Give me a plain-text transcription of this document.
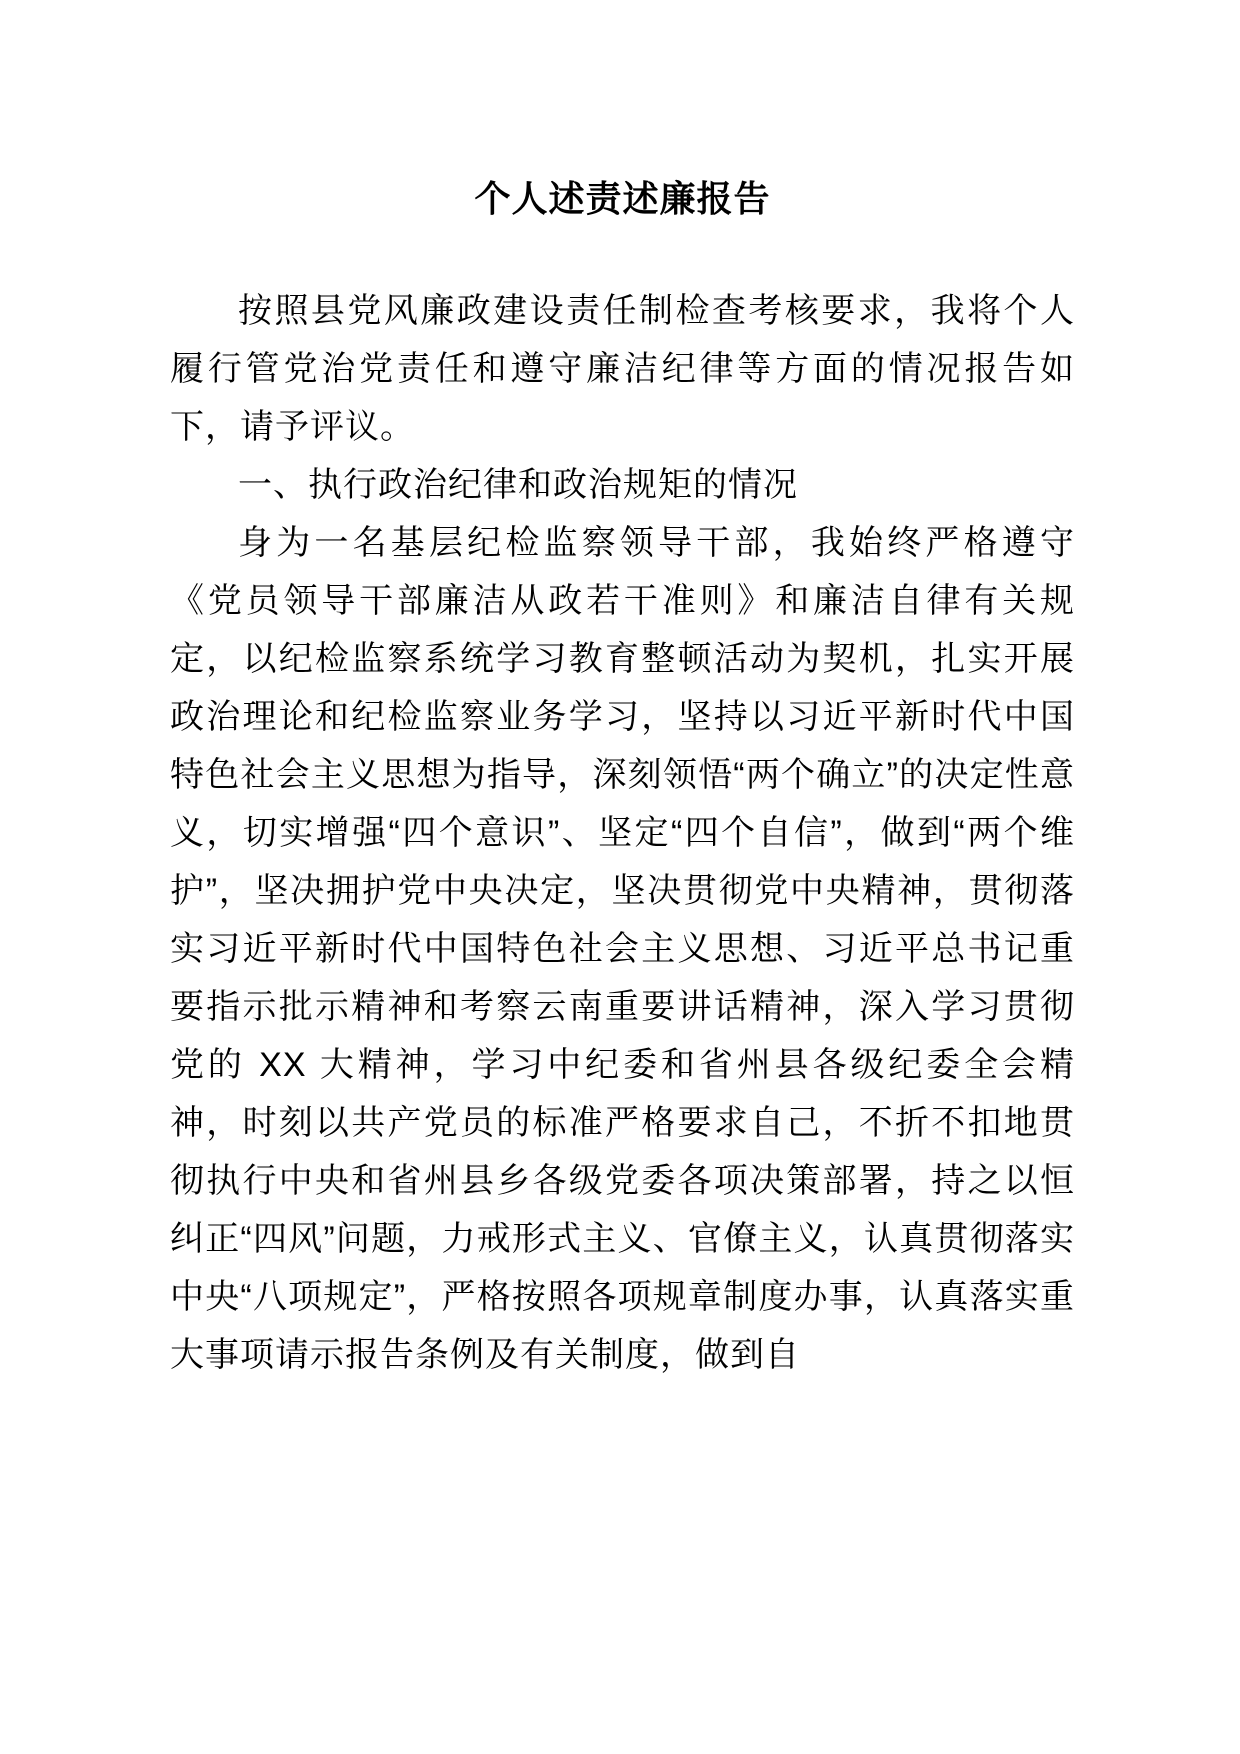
个人述责述廉报告

按照县党风廉政建设责任制检查考核要求，我将个人履行管党治党责任和遵守廉洁纪律等方面的情况报告如下，请予评议。

一、执行政治纪律和政治规矩的情况

身为一名基层纪检监察领导干部，我始终严格遵守《党员领导干部廉洁从政若干准则》和廉洁自律有关规定，以纪检监察系统学习教育整顿活动为契机，扎实开展政治理论和纪检监察业务学习，坚持以习近平新时代中国特色社会主义思想为指导，深刻领悟“两个确立”的决定性意义，切实增强“四个意识”、坚定“四个自信”，做到“两个维护”，坚决拥护党中央决定，坚决贯彻党中央精神，贯彻落实习近平新时代中国特色社会主义思想、习近平总书记重要指示批示精神和考察云南重要讲话精神，深入学习贯彻党的 XX 大精神，学习中纪委和省州县各级纪委全会精神，时刻以共产党员的标准严格要求自己，不折不扣地贯彻执行中央和省州县乡各级党委各项决策部署，持之以恒纠正“四风”问题，力戒形式主义、官僚主义，认真贯彻落实中央“八项规定”，严格按照各项规章制度办事，认真落实重大事项请示报告条例及有关制度，做到自
